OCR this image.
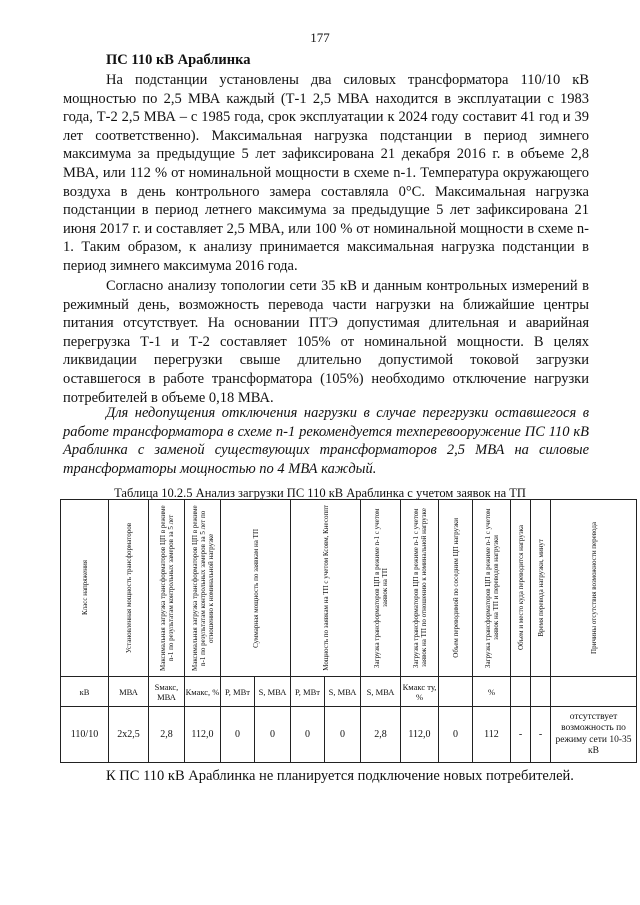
177
ПС 110 кВ Араблинка

На подстанции установлены два силовых трансформатора 110/10 кВ мощностью по 2,5 МВА каждый (Т-1 2,5 МВА находится в эксплуатации с 1983 года, Т-2 2,5 МВА – с 1985 года, срок эксплуатации к 2024 году составит 41 год и 39 лет соответственно). Максимальная нагрузка подстанции в период зимнего максимума за предыдущие 5 лет зафиксирована 21 декабря 2016 г. в объеме 2,8 МВА, или 112 % от номинальной мощности в схеме n-1. Температура окружающего воздуха в день контрольного замера составляла 0°С. Максимальная нагрузка подстанции в период летнего максимума за предыдущие 5 лет зафиксирована 21 июня 2017 г. и составляет 2,5 МВА, или 100 % от номинальной мощности в схеме n-1. Таким образом, к анализу принимается максимальная нагрузка подстанции в период зимнего максимума 2016 года.

Согласно анализу топологии сети 35 кВ и данным контрольных измерений в режимный день, возможность перевода части нагрузки на ближайшие центры питания отсутствует. На основании ПТЭ допустимая длительная и аварийная перегрузка Т-1 и Т-2 составляет 105% от номинальной мощности. В целях ликвидации перегрузки свыше длительно допустимой токовой загрузки оставшегося в работе трансформатора (105%) необходимо отключение нагрузки потребителей в объеме 0,18 МВА.

Для недопущения отключения нагрузки в случае перегрузки оставшегося в работе трансформатора в схеме n-1 рекомендуется техперевооружение ПС 110 кВ Араблинка с заменой существующих трансформаторов 2,5 МВА на силовые трансформаторы мощностью по 4 МВА каждый.

Таблица 10.2.5 Анализ загрузки ПС 110 кВ Араблинка с учетом заявок на ТП
Класс напряжения	Установленная мощность трансформаторов	Максимальная загрузка трансформаторов ЦП в режиме n-1 по результатам контрольных замеров за 5 лет	Максимальная загрузка трансформаторов ЦП в режиме n-1 по результатам контрольных замеров за 5 лет по отношению к номинальной нагрузке	Суммарная мощность по заявкам на ТП		Мощность по заявкам на ТП с учетом Ксовм, Кнесоппт		Загрузка трансформаторов ЦП в режиме n-1 с учетом заявок на ТП	Загрузка трансформаторов ЦП в режиме n-1 с учетом заявок на ТП по отношению к номинальной нагрузке	Объем переводимой по соседним ЦП нагрузки	Загрузка трансформаторов ЦП в режиме n-1 с учетом заявок на ТП и переводов нагрузки	Объем и место куда переводится нагрузка	Время перевода нагрузки, минут	Причины отсутствия возможности перевода

кВ	МВА	Sмакс, МВА	Кмакс, %	P, МВт	S, МВА	P, МВт	S, МВА	S, МВА	Кмакс ту, %		%			
110/10	2х2,5	2,8	112,0	0	0	0	0	2,8	112,0	0	112	-	-	отсутствует возможность по режиму сети 10-35 кВ

К ПС 110 кВ Араблинка не планируется подключение новых потребителей.
